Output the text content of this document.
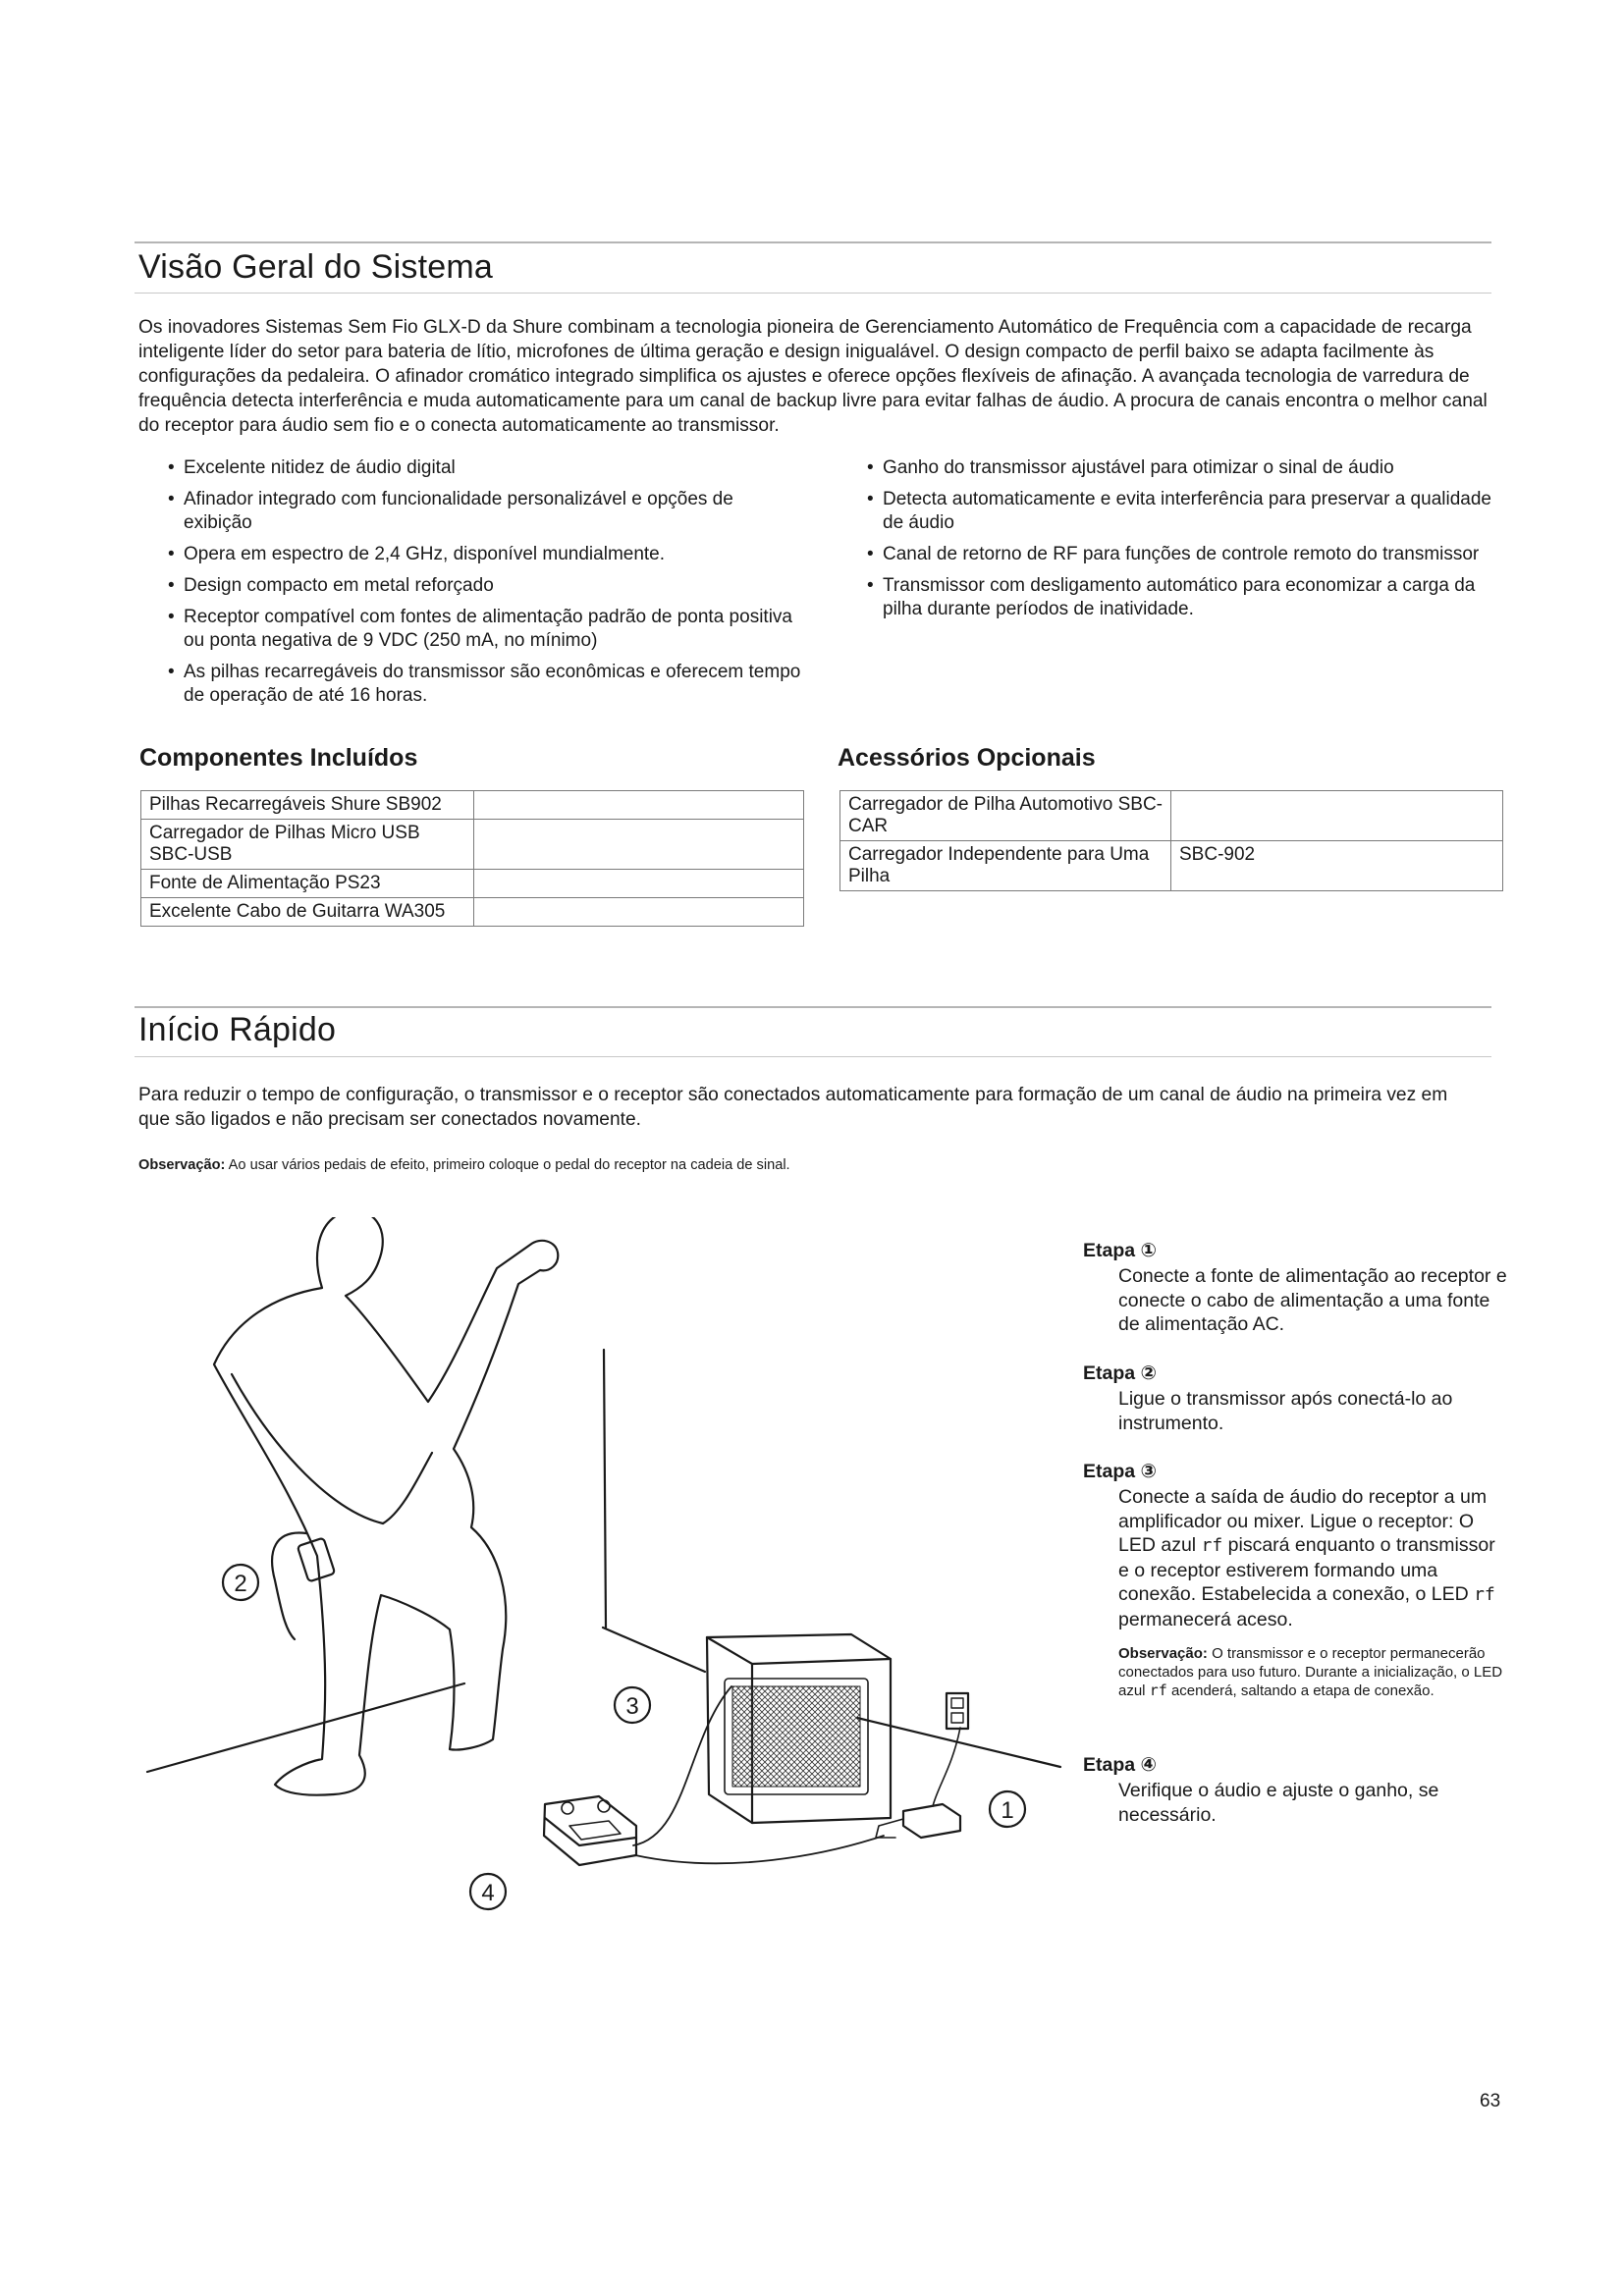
Visão Geral do Sistema

Os inovadores Sistemas Sem Fio GLX-D da Shure combinam a tecnologia pioneira de Gerenciamento Automático de Frequência com a capacidade de recarga inteligente líder do setor para bateria de lítio, microfones de última geração e design inigualável. O design compacto de perfil baixo se adapta facilmente às configurações da pedaleira. O afinador cromático integrado simplifica os ajustes e oferece opções flexíveis de afinação. A avançada tecnologia de varredura de frequência detecta interferência e muda automaticamente para um canal de backup livre para evitar falhas de áudio. A procura de canais encontra o melhor canal do receptor para áudio sem fio e o conecta automaticamente ao transmissor.

• Excelente nitidez de áudio digital
• Afinador integrado com funcionalidade personalizável e opções de exibição
• Opera em espectro de 2,4 GHz, disponível mundialmente.
• Design compacto em metal reforçado
• Receptor compatível com fontes de alimentação padrão de ponta positiva ou ponta negativa de 9 VDC (250 mA, no mínimo)
• As pilhas recarregáveis do transmissor são econômicas e oferecem tempo de operação de até 16 horas.
• Ganho do transmissor ajustável para otimizar o sinal de áudio
• Detecta automaticamente e evita interferência para preservar a qualidade de áudio
• Canal de retorno de RF para funções de controle remoto do transmissor
• Transmissor com desligamento automático para economizar a carga da pilha durante períodos de inatividade.
Componentes Incluídos
Pilhas Recarregáveis Shure SB902	
Carregador de Pilhas Micro USB SBC-USB	
Fonte de Alimentação PS23	
Excelente Cabo de Guitarra WA305	
Acessórios Opcionais
Carregador de Pilha Automotivo SBC-CAR	
Carregador Independente para Uma Pilha	SBC-902
Início Rápido

Para reduzir o tempo de configuração, o transmissor e o receptor são conectados automaticamente para formação de um canal de áudio na primeira vez em que são ligados e não precisam ser conectados novamente.

Observação: Ao usar vários pedais de efeito, primeiro coloque o pedal do receptor na cadeia de sinal.

1
2
3
4
Etapa ①

Conecte a fonte de alimentação ao receptor e conecte o cabo de alimentação a uma fonte de alimentação AC.

Etapa ②

Ligue o transmissor após conectá-lo ao instrumento.

Etapa ③

Conecte a saída de áudio do receptor a um amplificador ou mixer. Ligue o receptor: O LED azul rf piscará enquanto o transmissor e o receptor estiverem formando uma conexão. Estabelecida a conexão, o LED rf permanecerá aceso.

Observação: O transmissor e o receptor permanecerão conectados para uso futuro. Durante a inicialização, o LED azul rf acenderá, saltando a etapa de conexão.

Etapa ④

Verifique o áudio e ajuste o ganho, se necessário.

63
